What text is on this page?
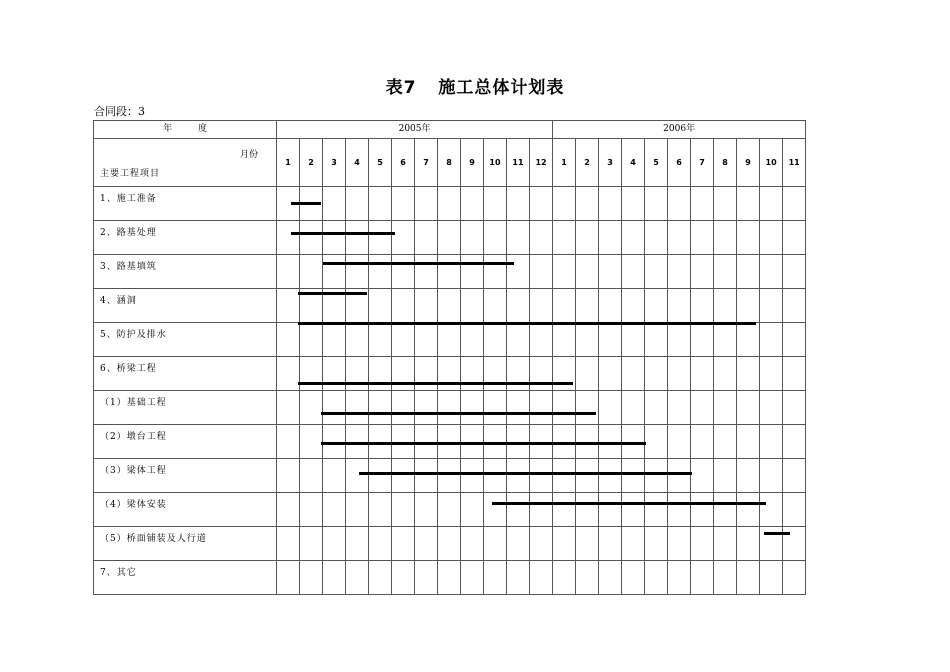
表7 施工总体计划表
合同段：3
年 度	2005年												2006年										

月份
主要工程项目	1	2	3	4	5	6	7	8	9	10	11	12	1	2	3	4	5	6	7	8	9	10	11
1、施工准备																							
2、路基处理																							
3、路基填筑																							
4、涵洞																							
5、防护及排水																							
6、桥梁工程																							
（1）基础工程																							
（2）墩台工程																							
（3）梁体工程																							
（4）梁体安装																							
（5）桥面铺装及人行道																							
7、其它																							
